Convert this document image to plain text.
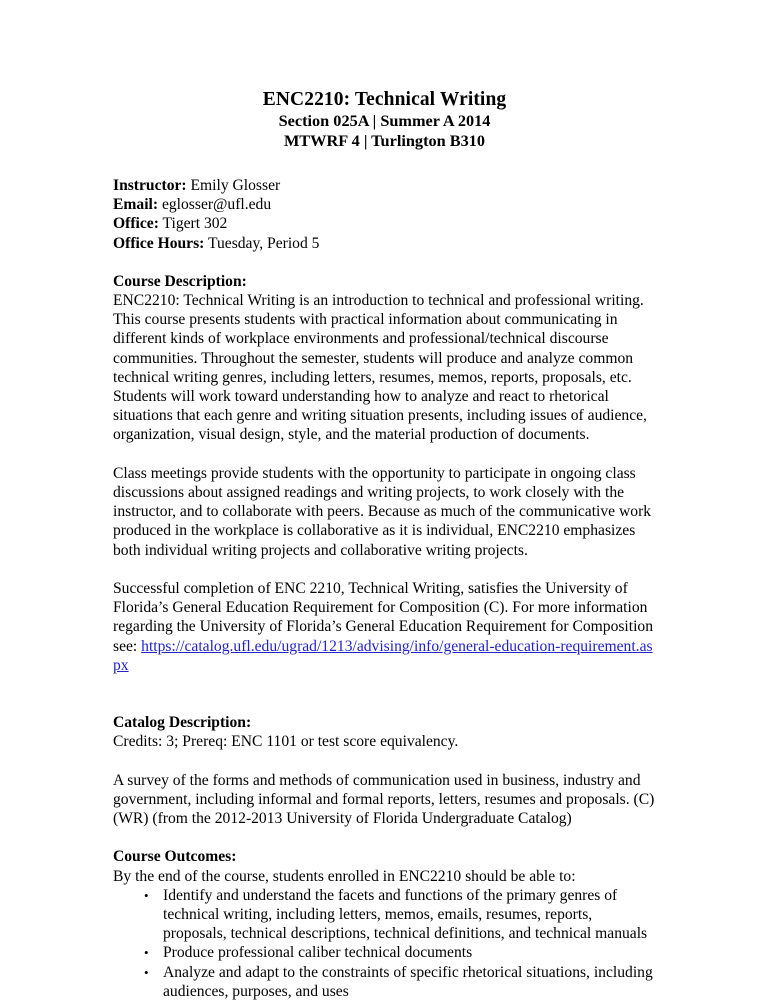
ENC2210: Technical Writing
Section 025A | Summer A 2014
MTWRF 4 | Turlington B310
Instructor: Emily Glosser
Email: eglosser@ufl.edu
Office: Tigert 302
Office Hours: Tuesday, Period 5
Course Description:
ENC2210: Technical Writing is an introduction to technical and professional writing. This course presents students with practical information about communicating in different kinds of workplace environments and professional/technical discourse communities. Throughout the semester, students will produce and analyze common technical writing genres, including letters, resumes, memos, reports, proposals, etc. Students will work toward understanding how to analyze and react to rhetorical situations that each genre and writing situation presents, including issues of audience, organization, visual design, style, and the material production of documents.
Class meetings provide students with the opportunity to participate in ongoing class discussions about assigned readings and writing projects, to work closely with the instructor, and to collaborate with peers. Because as much of the communicative work produced in the workplace is collaborative as it is individual, ENC2210 emphasizes both individual writing projects and collaborative writing projects.
Successful completion of ENC 2210, Technical Writing, satisfies the University of Florida’s General Education Requirement for Composition (C). For more information regarding the University of Florida’s General Education Requirement for Composition see: https://catalog.ufl.edu/ugrad/1213/advising/info/general-education-requirement.aspx
Catalog Description:
Credits: 3; Prereq: ENC 1101 or test score equivalency.
A survey of the forms and methods of communication used in business, industry and government, including informal and formal reports, letters, resumes and proposals. (C) (WR) (from the 2012-2013 University of Florida Undergraduate Catalog)
Course Outcomes:
By the end of the course, students enrolled in ENC2210 should be able to:
• Identify and understand the facets and functions of the primary genres of technical writing, including letters, memos, emails, resumes, reports, proposals, technical descriptions, technical definitions, and technical manuals
• Produce professional caliber technical documents
• Analyze and adapt to the constraints of specific rhetorical situations, including audiences, purposes, and uses
